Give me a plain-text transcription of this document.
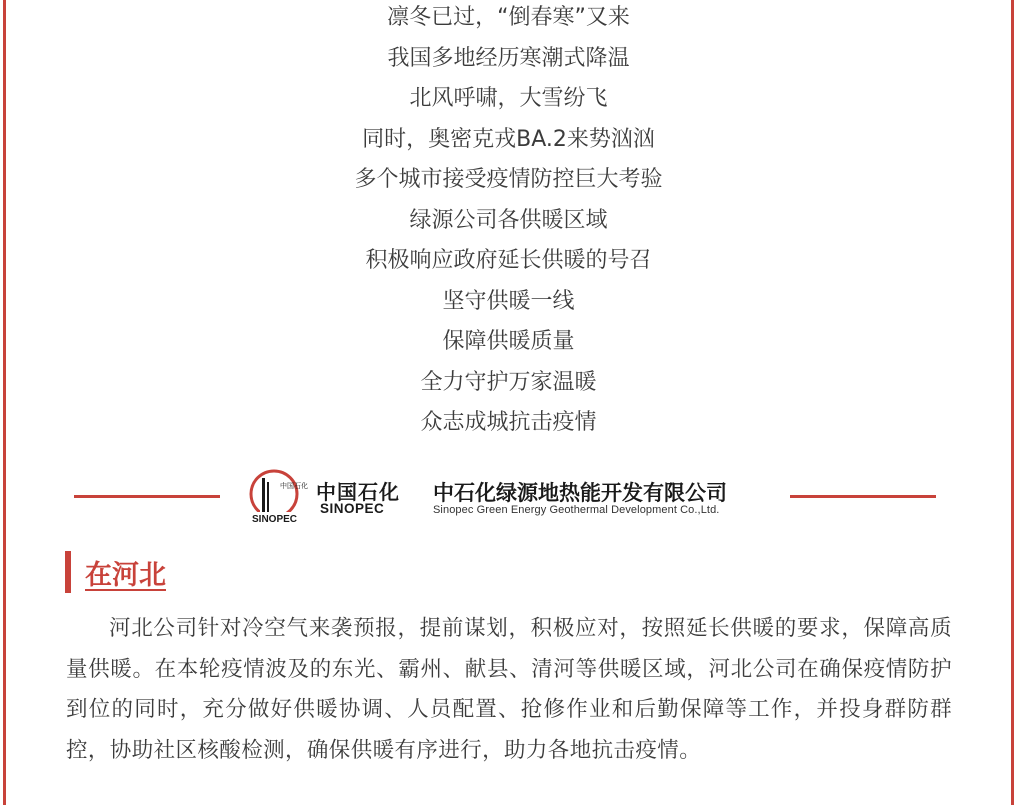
凛冬已过，“倒春寒”又来
我国多地经历寒潮式降温
北风呼啸，大雪纷飞
同时，奥密克戎BA.2来势汹汹
多个城市接受疫情防控巨大考验
绿源公司各供暖区域
积极响应政府延长供暖的号召
坚守供暖一线
保障供暖质量
全力守护万家温暖
众志成城抗击疫情
中国石化
SINOPEC
中国石化
SINOPEC
中石化绿源地热能开发有限公司
Sinopec Green Energy Geothermal Development Co.,Ltd.
在河北

河北公司针对冷空气来袭预报，提前谋划，积极应对，按照延长供暖的要求，保障高质量供暖。在本轮疫情波及的东光、霸州、献县、清河等供暖区域，河北公司在确保疫情防护到位的同时，充分做好供暖协调、人员配置、抢修作业和后勤保障等工作，并投身群防群控，协助社区核酸检测，确保供暖有序进行，助力各地抗击疫情。
